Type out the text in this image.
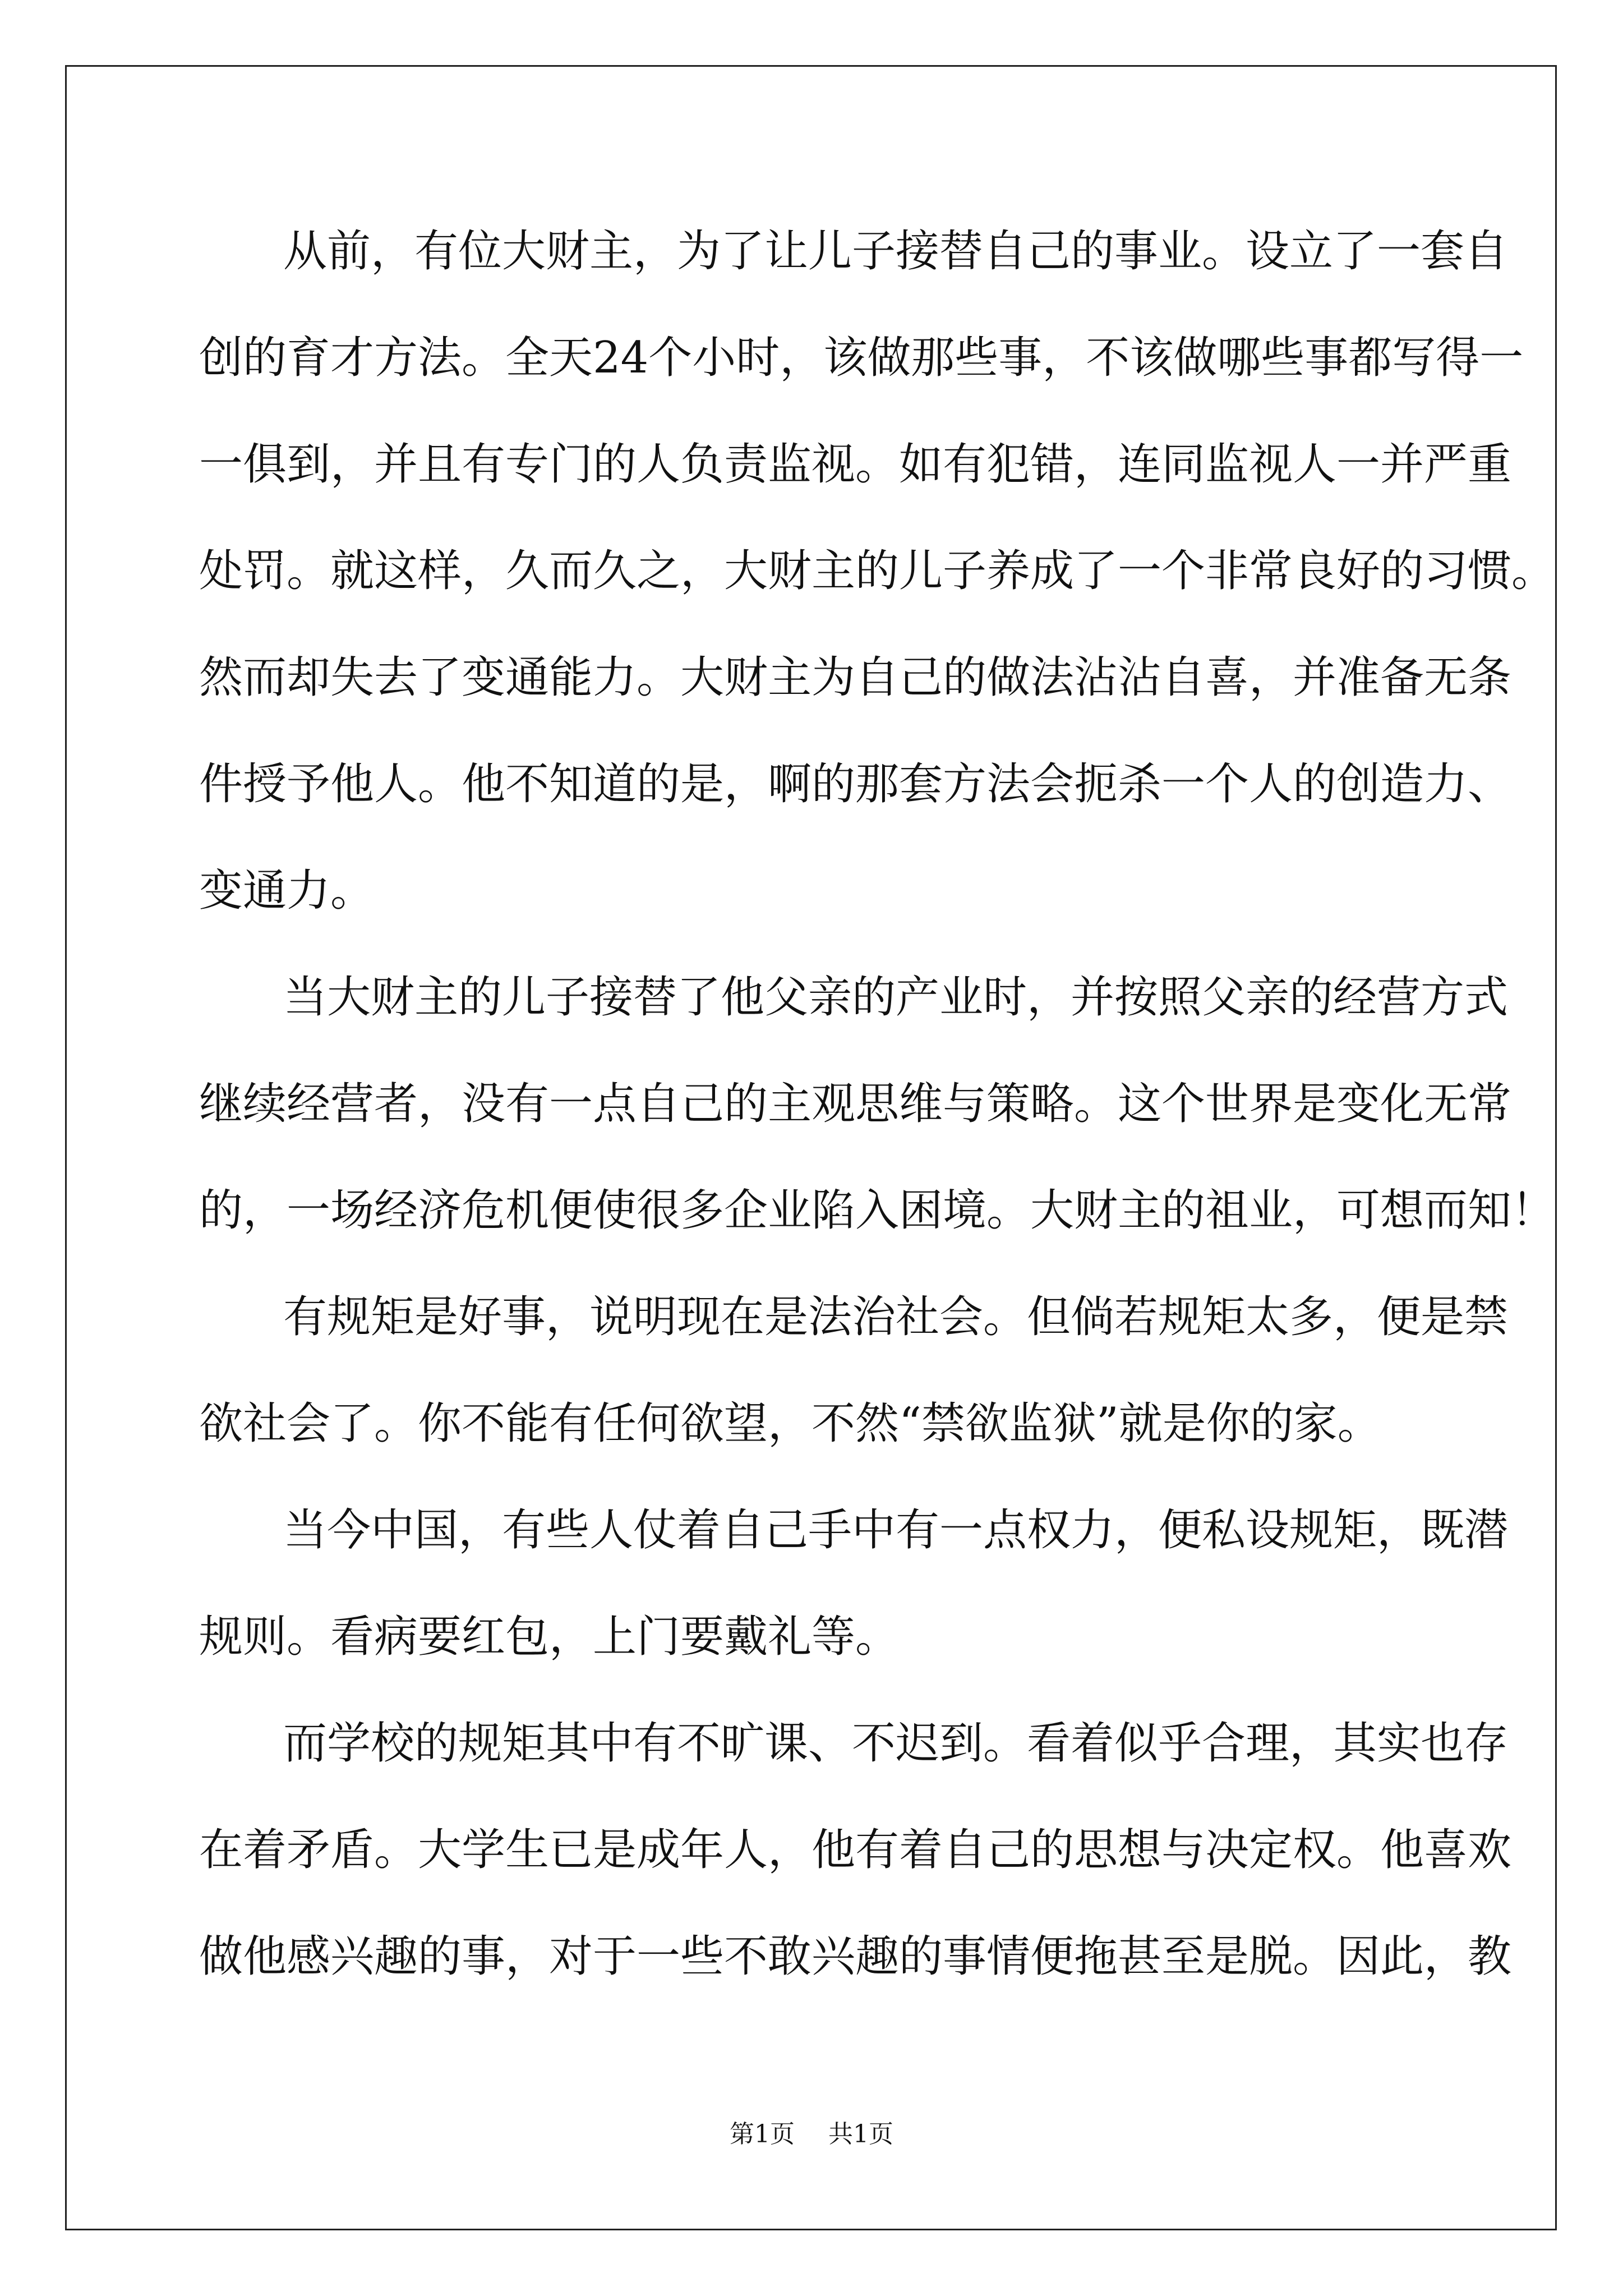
从前，有位大财主，为了让儿子接替自己的事业。设立了一套自
创的育才方法。全天24个小时，该做那些事，不该做哪些事都写得一
一俱到，并且有专门的人负责监视。如有犯错，连同监视人一并严重
处罚。就这样，久而久之，大财主的儿子养成了一个非常良好的习惯。
然而却失去了变通能力。大财主为自己的做法沾沾自喜，并准备无条
件授予他人。他不知道的是，啊的那套方法会扼杀一个人的创造力、
变通力。
当大财主的儿子接替了他父亲的产业时，并按照父亲的经营方式
继续经营者，没有一点自己的主观思维与策略。这个世界是变化无常
的，一场经济危机便使很多企业陷入困境。大财主的祖业，可想而知！
有规矩是好事，说明现在是法治社会。但倘若规矩太多，便是禁
欲社会了。你不能有任何欲望，不然“禁欲监狱”就是你的家。
当今中国，有些人仗着自己手中有一点权力，便私设规矩，既潜
规则。看病要红包，上门要戴礼等。
而学校的规矩其中有不旷课、不迟到。看着似乎合理，其实也存
在着矛盾。大学生已是成年人，他有着自己的思想与决定权。他喜欢
做他感兴趣的事，对于一些不敢兴趣的事情便拖甚至是脱。因此，教
第1页 共1页
